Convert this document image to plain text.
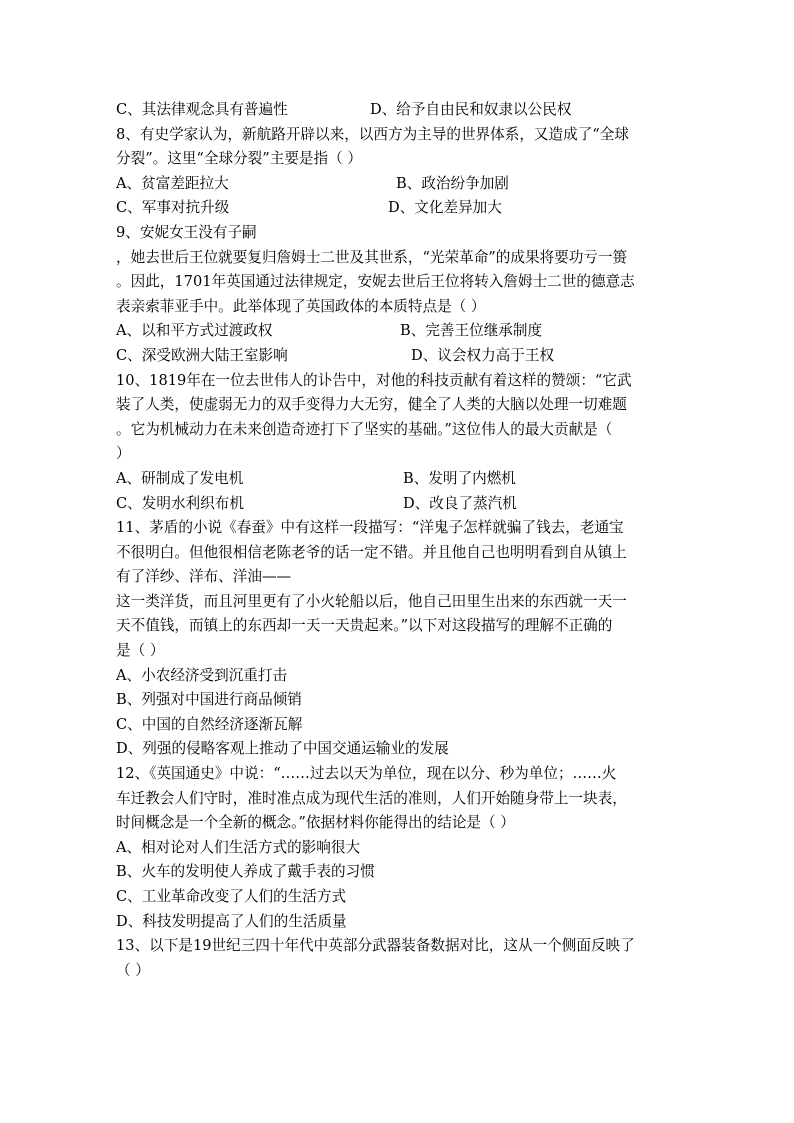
C、其法律观念具有普遍性	D、给予自由民和奴隶以公民权
8、有史学家认为，新航路开辟以来，以西方为主导的世界体系，又造成了“全球
分裂”。这里“全球分裂”主要是指（ ）
A、贫富差距拉大	B、政治纷争加剧
C、军事对抗升级	D、文化差异加大
9、安妮女王没有子嗣
，她去世后王位就要复归詹姆士二世及其世系，“光荣革命”的成果将要功亏一篑
。因此，1701年英国通过法律规定，安妮去世后王位将转入詹姆士二世的德意志
表亲索菲亚手中。此举体现了英国政体的本质特点是（ ）
A、以和平方式过渡政权	B、完善王位继承制度
C、深受欧洲大陆王室影响	D、议会权力高于王权
10、1819年在一位去世伟人的讣告中，对他的科技贡献有着这样的赞颂：“它武
装了人类，使虚弱无力的双手变得力大无穷，健全了人类的大脑以处理一切难题
。它为机械动力在未来创造奇迹打下了坚实的基础。”这位伟人的最大贡献是（
）
A、研制成了发电机	B、发明了内燃机
C、发明水利织布机	D、改良了蒸汽机
11、茅盾的小说《春蚕》中有这样一段描写：“洋鬼子怎样就骗了钱去，老通宝
不很明白。但他很相信老陈老爷的话一定不错。并且他自己也明明看到自从镇上
有了洋纱、洋布、洋油——
这一类洋货，而且河里更有了小火轮船以后，他自己田里生出来的东西就一天一
天不值钱，而镇上的东西却一天一天贵起来。”以下对这段描写的理解不正确的
是（ ）
A、小农经济受到沉重打击
B、列强对中国进行商品倾销
C、中国的自然经济逐渐瓦解
D、列强的侵略客观上推动了中国交通运输业的发展
12、《英国通史》中说：“……过去以天为单位，现在以分、秒为单位；……火
车迁教会人们守时，准时准点成为现代生活的准则，人们开始随身带上一块表，
时间概念是一个全新的概念。”依据材料你能得出的结论是（ ）
A、相对论对人们生活方式的影响很大
B、火车的发明使人养成了戴手表的习惯
C、工业革命改变了人们的生活方式
D、科技发明提高了人们的生活质量
13、以下是19世纪三四十年代中英部分武器装备数据对比，这从一个侧面反映了
（ ）
